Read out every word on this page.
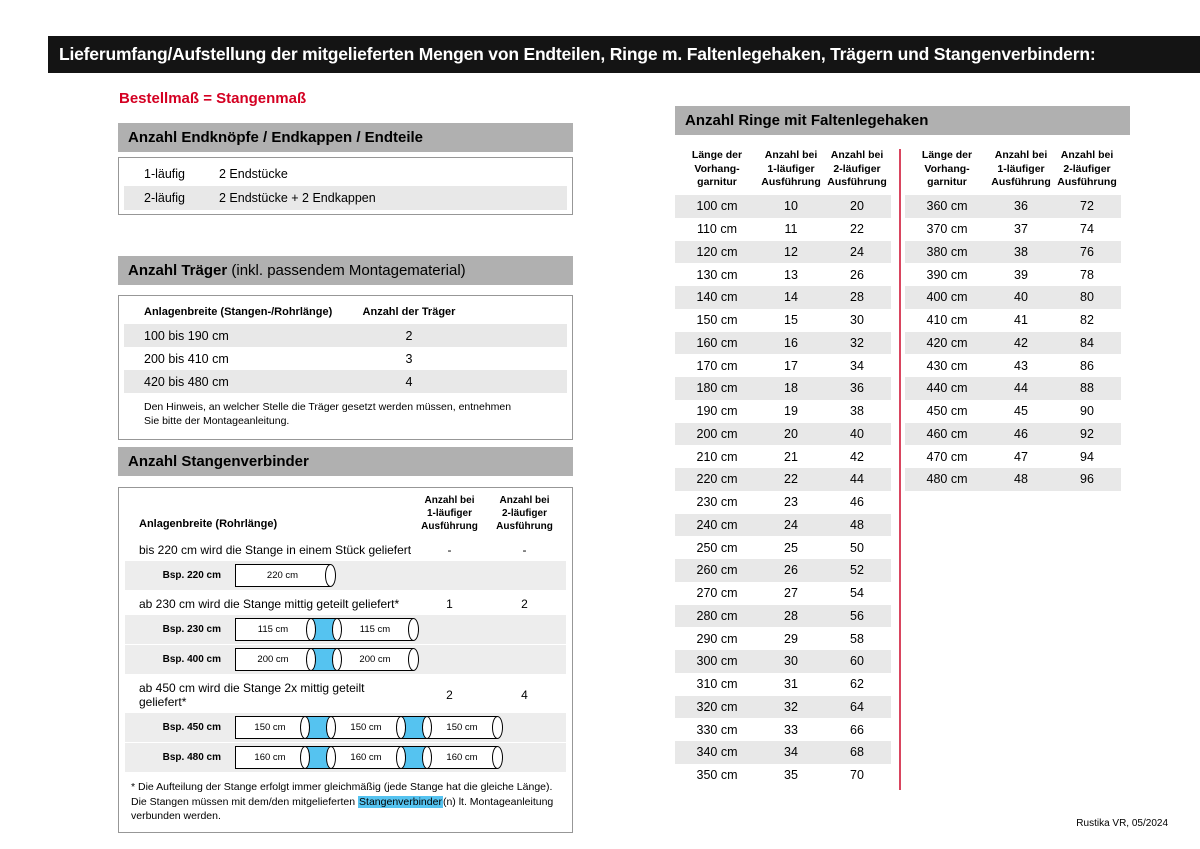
Lieferumfang/Aufstellung der mitgelieferten Mengen von Endteilen, Ringe m. Faltenlegehaken, Trägern und Stangenverbindern:
Bestellmaß = Stangenmaß
Anzahl Endknöpfe / Endkappen / Endteile
1-läufig	2 Endstücke
2-läufig	2 Endstücke + 2 Endkappen
Anzahl Träger (inkl. passendem Montagematerial)
Anlagenbreite (Stangen-/Rohrlänge)	Anzahl der Träger
100 bis 190 cm	2
200 bis 410 cm	3
420 bis 480 cm	4
Den Hinweis, an welcher Stelle die Träger gesetzt werden müssen, entnehmen Sie bitte der Montageanleitung.
Anzahl Stangenverbinder
Anlagenbreite (Rohrlänge)
Anzahl bei
1-läufiger
Ausführung
Anzahl bei
2-läufiger
Ausführung
bis 220 cm wird die Stange in einem Stück geliefert	-	-
Bsp. 220 cm	220 cm
ab 230 cm wird die Stange mittig geteilt geliefert*	1	2
Bsp. 230 cm	115 cm	115 cm
Bsp. 400 cm	200 cm	200 cm
ab 450 cm wird die Stange 2x mittig geteilt geliefert*	2	4
Bsp. 450 cm	150 cm	150 cm	150 cm
Bsp. 480 cm	160 cm	160 cm	160 cm
* Die Aufteilung der Stange erfolgt immer gleichmäßig (jede Stange hat die gleiche Länge). Die Stangen müssen mit dem/den mitgelieferten Stangenverbinder(n) lt. Montageanleitung verbunden werden.
Anzahl Ringe mit Faltenlegehaken
Länge der
Vorhang-
garnitur
Anzahl bei
1-läufiger
Ausführung
Anzahl bei
2-läufiger
Ausführung
100 cm	10	20
110 cm	11	22
120 cm	12	24
130 cm	13	26
140 cm	14	28
150 cm	15	30
160 cm	16	32
170 cm	17	34
180 cm	18	36
190 cm	19	38
200 cm	20	40
210 cm	21	42
220 cm	22	44
230 cm	23	46
240 cm	24	48
250 cm	25	50
260 cm	26	52
270 cm	27	54
280 cm	28	56
290 cm	29	58
300 cm	30	60
310 cm	31	62
320 cm	32	64
330 cm	33	66
340 cm	34	68
350 cm	35	70
Länge der
Vorhang-
garnitur
Anzahl bei
1-läufiger
Ausführung
Anzahl bei
2-läufiger
Ausführung
360 cm	36	72
370 cm	37	74
380 cm	38	76
390 cm	39	78
400 cm	40	80
410 cm	41	82
420 cm	42	84
430 cm	43	86
440 cm	44	88
450 cm	45	90
460 cm	46	92
470 cm	47	94
480 cm	48	96
Rustika VR, 05/2024
